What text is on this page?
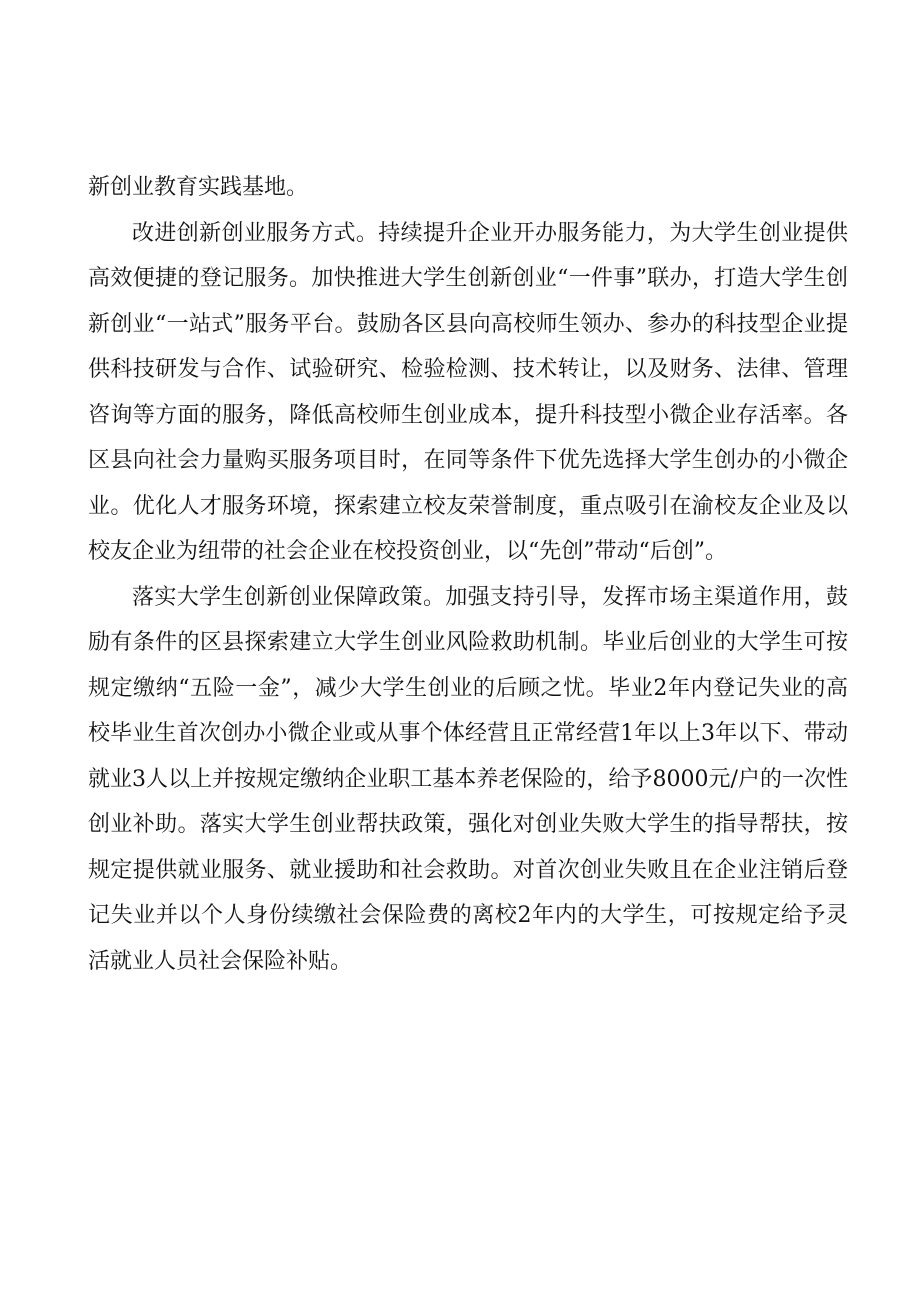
新创业教育实践基地。

改进创新创业服务方式。持续提升企业开办服务能力，为大学生创业提供高效便捷的登记服务。加快推进大学生创新创业“一件事”联办，打造大学生创新创业“一站式”服务平台。鼓励各区县向高校师生领办、参办的科技型企业提供科技研发与合作、试验研究、检验检测、技术转让，以及财务、法律、管理咨询等方面的服务，降低高校师生创业成本，提升科技型小微企业存活率。各区县向社会力量购买服务项目时，在同等条件下优先选择大学生创办的小微企业。优化人才服务环境，探索建立校友荣誉制度，重点吸引在渝校友企业及以校友企业为纽带的社会企业在校投资创业，以“先创”带动“后创”。

落实大学生创新创业保障政策。加强支持引导，发挥市场主渠道作用，鼓励有条件的区县探索建立大学生创业风险救助机制。毕业后创业的大学生可按规定缴纳“五险一金”，减少大学生创业的后顾之忧。毕业2年内登记失业的高校毕业生首次创办小微企业或从事个体经营且正常经营1年以上3年以下、带动就业3人以上并按规定缴纳企业职工基本养老保险的，给予8000元/户的一次性创业补助。落实大学生创业帮扶政策，强化对创业失败大学生的指导帮扶，按规定提供就业服务、就业援助和社会救助。对首次创业失败且在企业注销后登记失业并以个人身份续缴社会保险费的离校2年内的大学生，可按规定给予灵活就业人员社会保险补贴。
